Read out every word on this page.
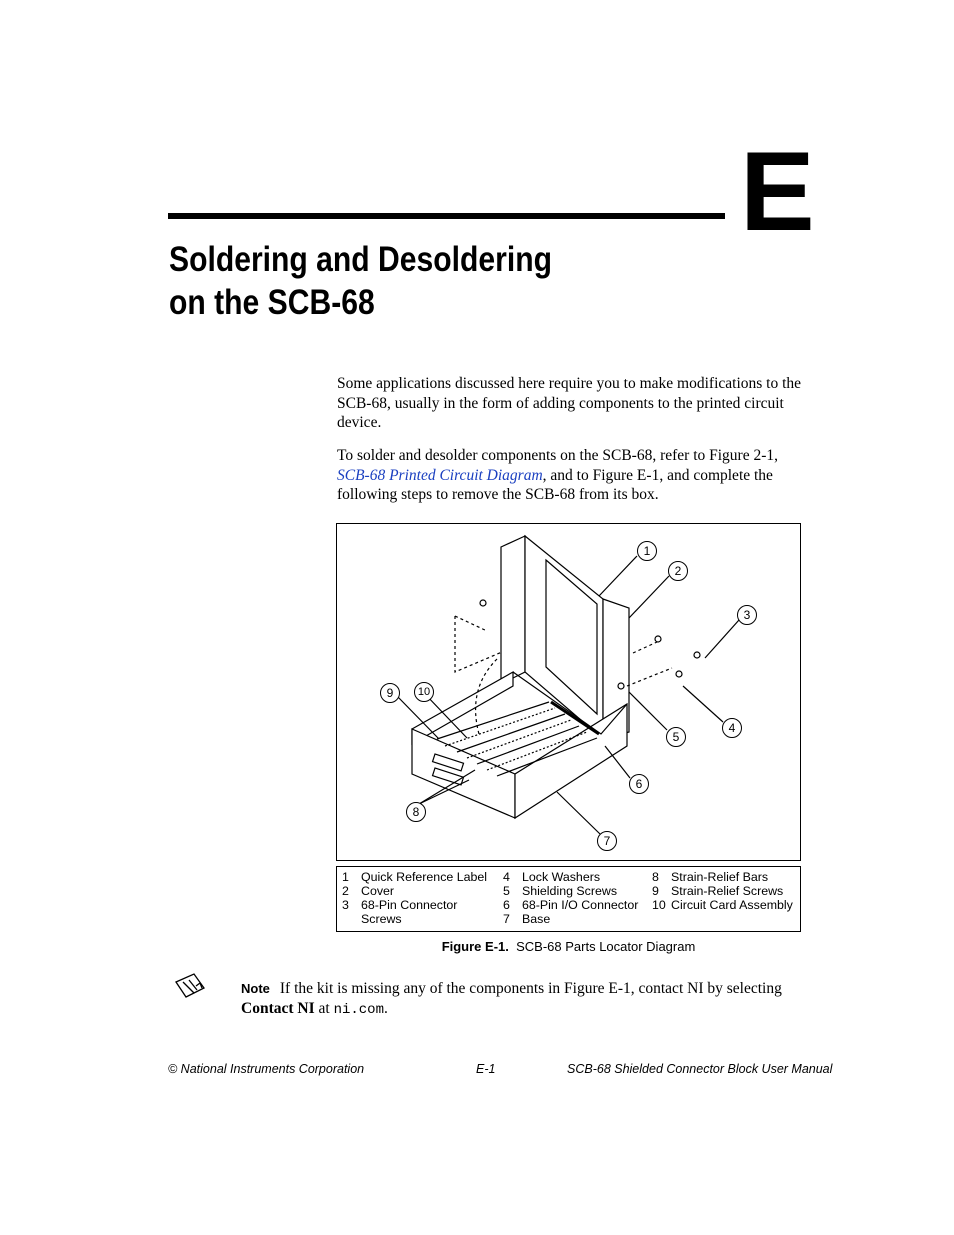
E
Soldering and Desoldering
on the SCB-68

Some applications discussed here require you to make modifications to the SCB-68, usually in the form of adding components to the printed circuit device.

To solder and desolder components on the SCB-68, refer to Figure 2-1, SCB-68 Printed Circuit Diagram, and to Figure E-1, and complete the following steps to remove the SCB-68 from its box.

1
2
3
4
5
6
7
8
9	10
1 Quick Reference Label
2 Cover
3 68-Pin Connector
Screws
4 Lock Washers
5 Shielding Screws
6 68-Pin I/O Connector
7 Base
8 Strain-Relief Bars
9 Strain-Relief Screws
10 Circuit Card Assembly
Figure E-1. SCB-68 Parts Locator Diagram
Note If the kit is missing any of the components in Figure E-1, contact NI by selecting Contact NI at ni.com.
© National Instruments Corporation	E-1	SCB-68 Shielded Connector Block User Manual
